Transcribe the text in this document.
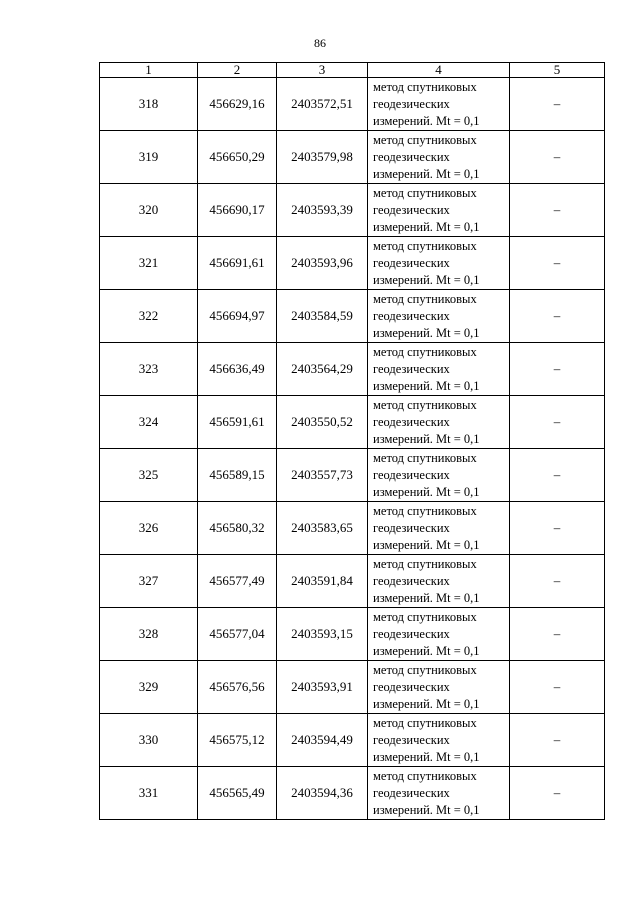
86
1	2	3	4	5
318	456629,16	2403572,51	метод спутниковых
геодезических
измерений. Mt = 0,1	–
319	456650,29	2403579,98	метод спутниковых
геодезических
измерений. Mt = 0,1	–
320	456690,17	2403593,39	метод спутниковых
геодезических
измерений. Mt = 0,1	–
321	456691,61	2403593,96	метод спутниковых
геодезических
измерений. Mt = 0,1	–
322	456694,97	2403584,59	метод спутниковых
геодезических
измерений. Mt = 0,1	–
323	456636,49	2403564,29	метод спутниковых
геодезических
измерений. Mt = 0,1	–
324	456591,61	2403550,52	метод спутниковых
геодезических
измерений. Mt = 0,1	–
325	456589,15	2403557,73	метод спутниковых
геодезических
измерений. Mt = 0,1	–
326	456580,32	2403583,65	метод спутниковых
геодезических
измерений. Mt = 0,1	–
327	456577,49	2403591,84	метод спутниковых
геодезических
измерений. Mt = 0,1	–
328	456577,04	2403593,15	метод спутниковых
геодезических
измерений. Mt = 0,1	–
329	456576,56	2403593,91	метод спутниковых
геодезических
измерений. Mt = 0,1	–
330	456575,12	2403594,49	метод спутниковых
геодезических
измерений. Mt = 0,1	–
331	456565,49	2403594,36	метод спутниковых
геодезических
измерений. Mt = 0,1	–
